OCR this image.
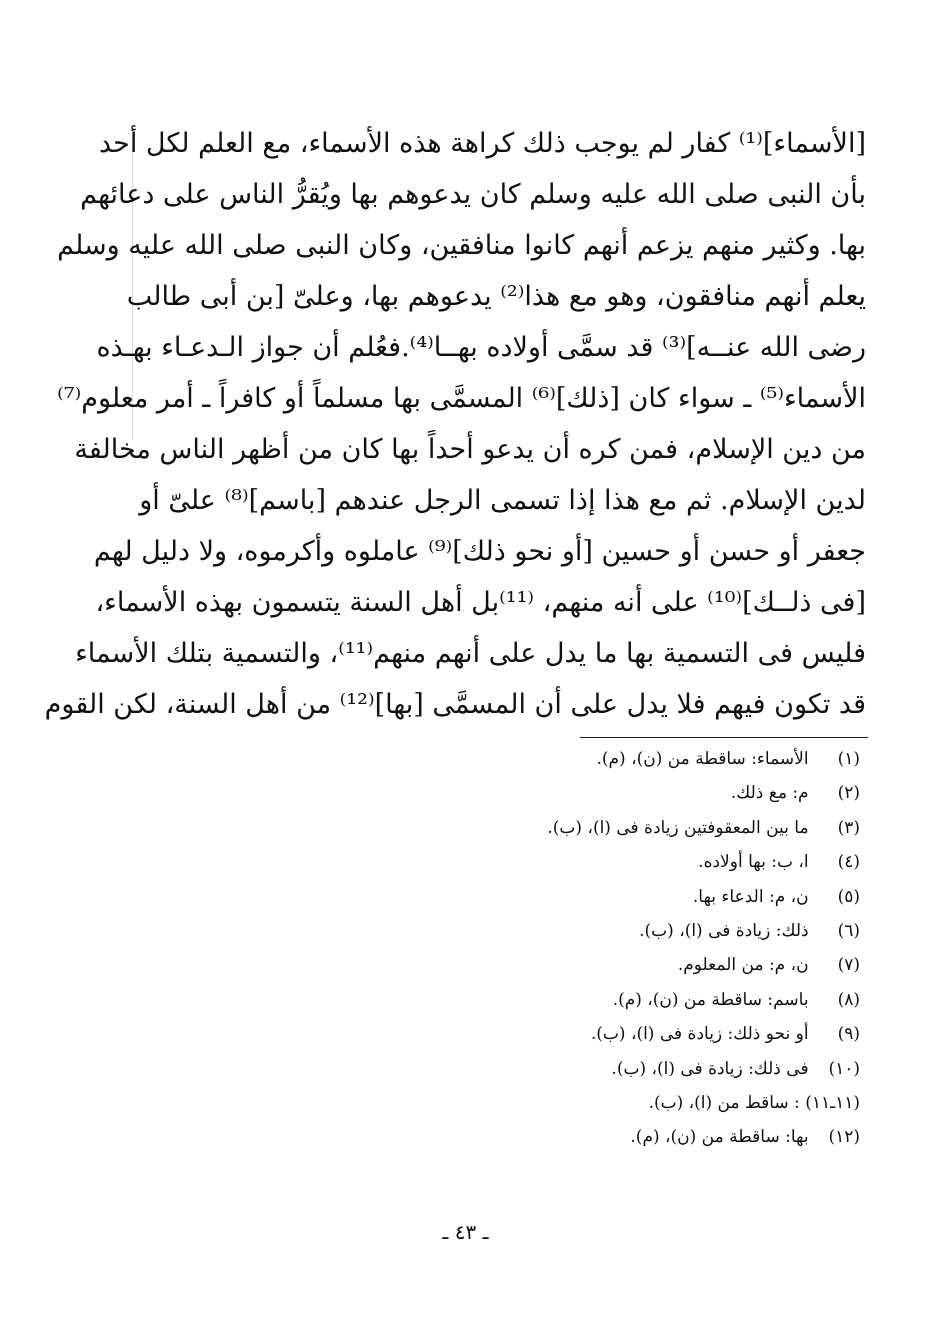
[الأسماء]⁽¹⁾ كفار لم يوجب ذلك كراهة هذه الأسماء، مع العلم لكل أحد
بأن النبى صلى الله عليه وسلم كان يدعوهم بها ويُقرُّ الناس على دعائهم
بها. وكثير منهم يزعم أنهم كانوا منافقين، وكان النبى صلى الله عليه وسلم
يعلم أنهم منافقون، وهو مع هذا⁽²⁾ يدعوهم بها، وعلىّ [بن أبى طالب
رضى الله عنــه]⁽³⁾ قد سمَّى أولاده بهــا⁽⁴⁾.فعُلم أن جواز الـدعـاء بهـذه
الأسماء⁽⁵⁾ ـ سواء كان [ذلك]⁽⁶⁾ المسمَّى بها مسلماً أو كافراً ـ أمر معلوم⁽⁷⁾
من دين الإسلام، فمن كره أن يدعو أحداً بها كان من أظهر الناس مخالفة
لدين الإسلام. ثم مع هذا إذا تسمى الرجل عندهم [باسم]⁽⁸⁾ علىّ أو
جعفر أو حسن أو حسين [أو نحو ذلك]⁽⁹⁾ عاملوه وأكرموه، ولا دليل لهم
[فى ذلــك]⁽¹⁰⁾ على أنه منهم، ⁽¹¹⁾بل أهل السنة يتسمون بهذه الأسماء،
فليس فى التسمية بها ما يدل على أنهم منهم⁽¹¹⁾، والتسمية بتلك الأسماء
قد تكون فيهم فلا يدل على أن المسمَّى [بها]⁽¹²⁾ من أهل السنة، لكن القوم
(١) الأسماء: ساقطة من (ن)، (م).
(٢) م: مع ذلك.
(٣) ما بين المعقوفتين زيادة فى (ا)، (ب).
(٤) ا، ب: بها أولاده.
(٥) ن، م: الدعاء بها.
(٦) ذلك: زيادة فى (ا)، (ب).
(٧) ن، م: من المعلوم.
(٨) باسم: ساقطة من (ن)، (م).
(٩) أو نحو ذلك: زيادة فى (ا)، (ب).
(١٠) فى ذلك: زيادة فى (ا)، (ب).
(١١ـ١١) : ساقط من (ا)، (ب).
(١٢) بها: ساقطة من (ن)، (م).
ـ ٤٣ ـ
